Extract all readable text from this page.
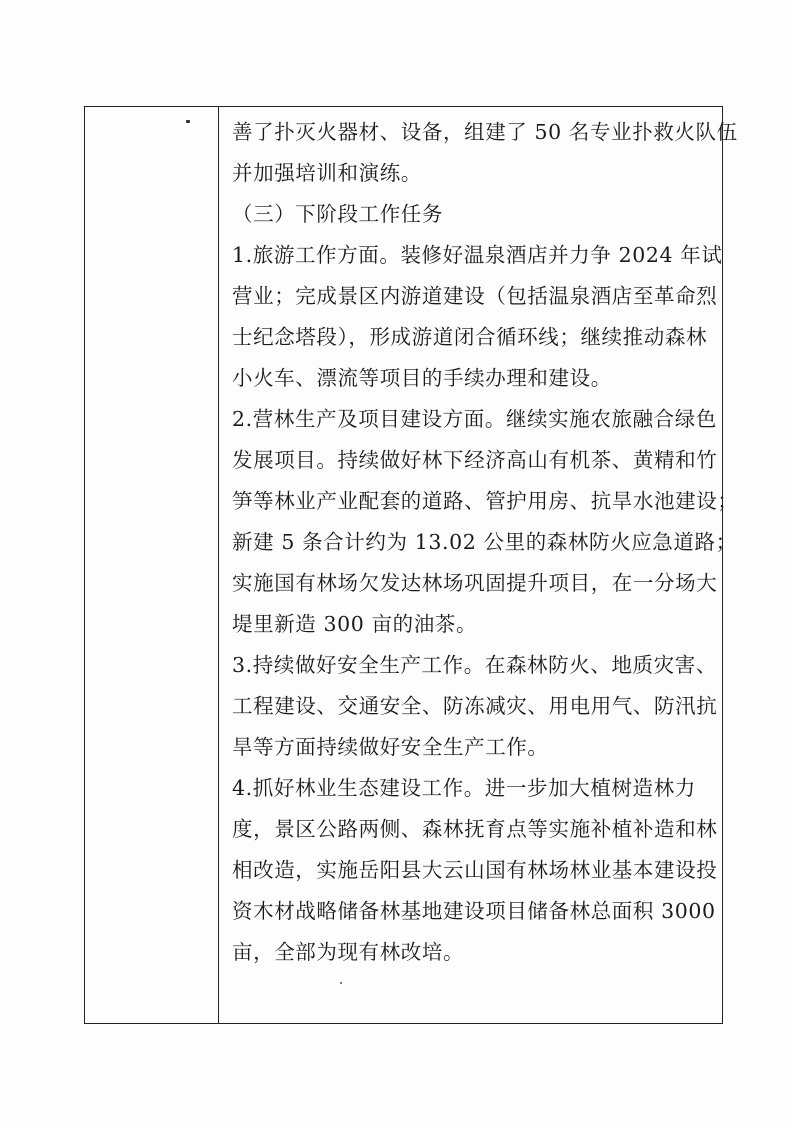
善了扑灭火器材、设备，组建了 50 名专业扑救火队伍
并加强培训和演练。
（三）下阶段工作任务
1.旅游工作方面。装修好温泉酒店并力争 2024 年试
营业；完成景区内游道建设（包括温泉酒店至革命烈
士纪念塔段），形成游道闭合循环线；继续推动森林
小火车、漂流等项目的手续办理和建设。
2.营林生产及项目建设方面。继续实施农旅融合绿色
发展项目。持续做好林下经济高山有机茶、黄精和竹
笋等林业产业配套的道路、管护用房、抗旱水池建设；
新建 5 条合计约为 13.02 公里的森林防火应急道路；
实施国有林场欠发达林场巩固提升项目，在一分场大
堤里新造 300 亩的油茶。
3.持续做好安全生产工作。在森林防火、地质灾害、
工程建设、交通安全、防冻减灾、用电用气、防汛抗
旱等方面持续做好安全生产工作。
4.抓好林业生态建设工作。进一步加大植树造林力
度，景区公路两侧、森林抚育点等实施补植补造和林
相改造，实施岳阳县大云山国有林场林业基本建设投
资木材战略储备林基地建设项目储备林总面积 3000
亩，全部为现有林改培。
